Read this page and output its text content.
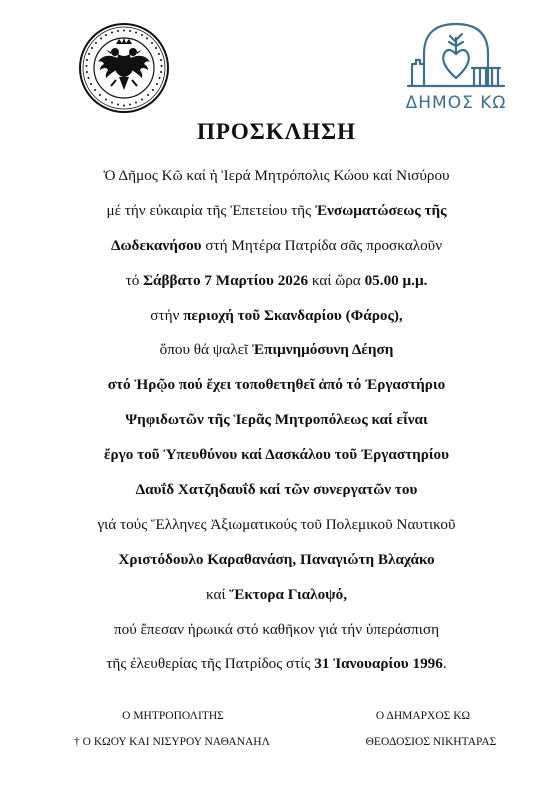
ΔΗΜΟΣ ΚΩ
ΠΡΟΣΚΛΗΣΗ
Ὁ Δῆμος Κῶ καί ἡ Ἱερά Μητρόπολις Κώου καί Νισύρου
μέ τήν εὐκαιρία τῆς Ἐπετείου τῆς Ἐνσωματώσεως τῆς
Δωδεκανήσου στή Μητέρα Πατρίδα σᾶς προσκαλοῦν
τό Σάββατο 7 Μαρτίου 2026 καί ὥρα 05.00 μ.μ.
στήν περιοχή τοῦ Σκανδαρίου (Φάρος),
ὅπου θά ψαλεῖ Ἐπιμνημόσυνη Δέηση
στό Ἡρῷο πού ἔχει τοποθετηθεῖ ἀπό τό Ἐργαστήριο
Ψηφιδωτῶν τῆς Ἱερᾶς Μητροπόλεως καί εἶναι
ἔργο τοῦ Ὑπευθύνου καί Δασκάλου τοῦ Ἐργαστηρίου
Δαυΐδ Χατζηδαυΐδ καί τῶν συνεργατῶν του
γιά τούς Ἕλληνες Ἀξιωματικούς τοῦ Πολεμικοῦ Ναυτικοῦ
Χριστόδουλο Καραθανάση, Παναγιώτη Βλαχάκο
καί Ἕκτορα Γιαλοψό,
πού ἔπεσαν ἡρωικά στό καθῆκον γιά τήν ὑπεράσπιση
τῆς ἐλευθερίας τῆς Πατρίδος στίς 31 Ἰανουαρίου 1996.
Ο ΜΗΤΡΟΠΟΛΙΤΗΣ
† Ο ΚΩΟΥ ΚΑΙ ΝΙΣΥΡΟΥ ΝΑΘΑΝΑΗΛ
Ο ΔΗΜΑΡΧΟΣ ΚΩ
ΘΕΟΔΟΣΙΟΣ ΝΙΚΗΤΑΡΑΣ
